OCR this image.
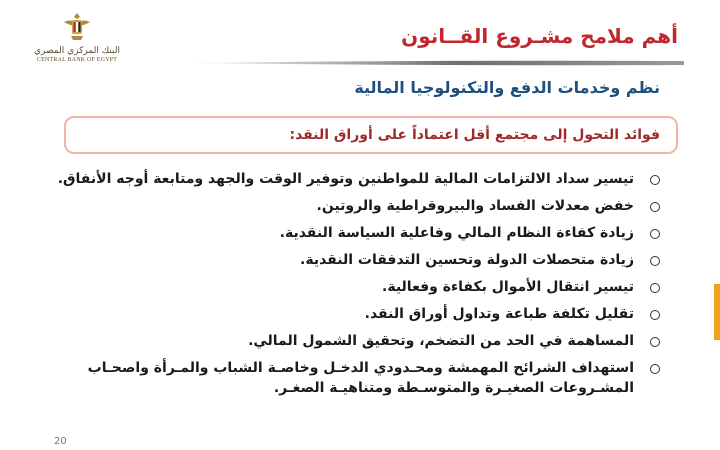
البنك المركزي المصري
CENTRAL BANK OF EGYPT
أهم ملامح مشـروع القــانون
نظم وخدمات الدفع والتكنولوجيا المالية
فوائد التحول إلى مجتمع أقل اعتماداً على أوراق النقد:
تيسير سداد الالتزامات المالية للمواطنين وتوفير الوقت والجهد ومتابعة أوجه الأنفاق.
خفض معدلات الفساد والبيروقراطية والروتين.
زيادة كفاءة النظام المالي وفاعلية السياسة النقدية.
زيادة متحصلات الدولة وتحسين التدفقات النقدية.
تيسير انتقال الأموال بكفاءة وفعالية.
تقليل تكلفة طباعة وتداول أوراق النقد.
المساهمة في الحد من التضخم، وتحقيق الشمول المالي.
استهداف الشرائح المهمشة ومحـدودي الدخـل وخاصـة الشباب والمـرأة واصحـاب المشـروعات الصغيـرة والمتوسـطة ومتناهيـة الصغـر.
20
